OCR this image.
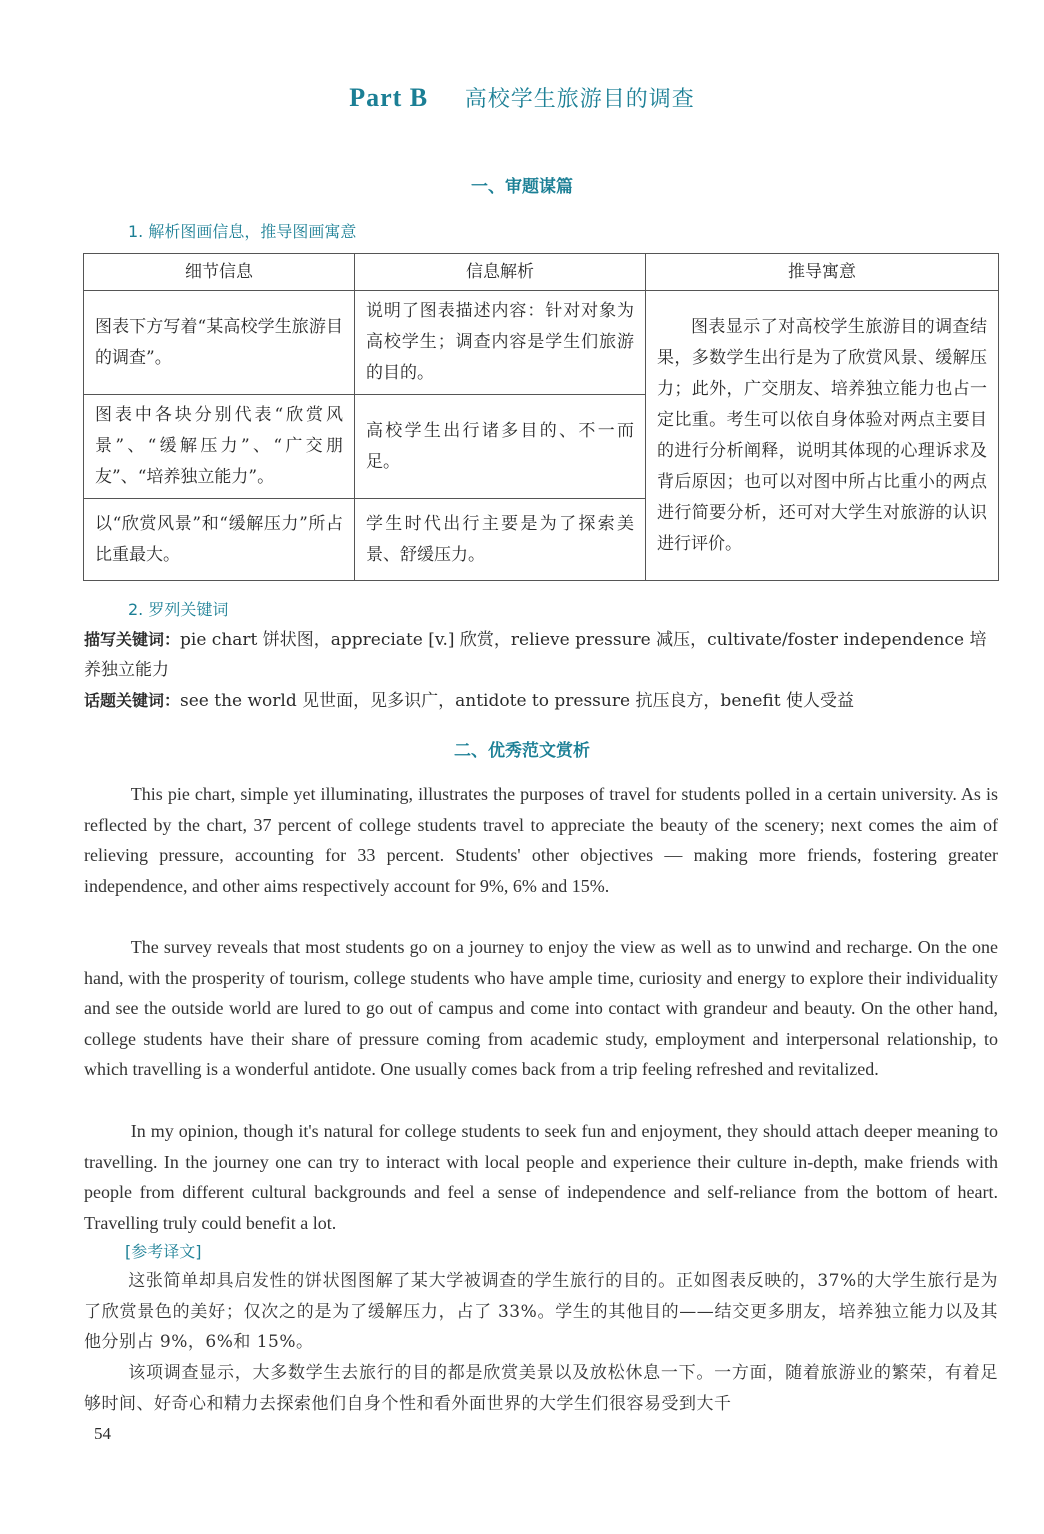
Part B 高校学生旅游目的调查
一、审题谋篇
1. 解析图画信息，推导图画寓意
细节信息	信息解析	推导寓意
图表下方写着“某高校学生旅游目的调查”。	说明了图表描述内容：针对对象为高校学生；调查内容是学生们旅游的目的。	图表显示了对高校学生旅游目的调查结果，多数学生出行是为了欣赏风景、缓解压力；此外，广交朋友、培养独立能力也占一定比重。考生可以依自身体验对两点主要目的进行分析阐释，说明其体现的心理诉求及背后原因；也可以对图中所占比重小的两点进行简要分析，还可对大学生对旅游的认识进行评价。
图表中各块分别代表“欣赏风景”、“缓解压力”、“广交朋友”、“培养独立能力”。	高校学生出行诸多目的、不一而足。	
以“欣赏风景”和“缓解压力”所占比重最大。	学生时代出行主要是为了探索美景、舒缓压力。	
2. 罗列关键词
描写关键词：pie chart 饼状图，appreciate [v.] 欣赏，relieve pressure 减压，cultivate/foster independence 培养独立能力
话题关键词：see the world 见世面，见多识广，antidote to pressure 抗压良方，benefit 使人受益
二、优秀范文赏析
This pie chart, simple yet illuminating, illustrates the purposes of travel for students polled in a certain university. As is reflected by the chart, 37 percent of college students travel to appreciate the beauty of the scenery; next comes the aim of relieving pressure, accounting for 33 percent. Students' other objectives — making more friends, fostering greater independence, and other aims respectively account for 9%, 6% and 15%.
The survey reveals that most students go on a journey to enjoy the view as well as to unwind and recharge. On the one hand, with the prosperity of tourism, college students who have ample time, curiosity and energy to explore their individuality and see the outside world are lured to go out of campus and come into contact with grandeur and beauty. On the other hand, college students have their share of pressure coming from academic study, employment and interpersonal relationship, to which travelling is a wonderful antidote. One usually comes back from a trip feeling refreshed and revitalized.
In my opinion, though it's natural for college students to seek fun and enjoyment, they should attach deeper meaning to travelling. In the journey one can try to interact with local people and experience their culture in-depth, make friends with people from different cultural backgrounds and feel a sense of independence and self-reliance from the bottom of heart. Travelling truly could benefit a lot.
[参考译文]
这张简单却具启发性的饼状图图解了某大学被调查的学生旅行的目的。正如图表反映的，37%的大学生旅行是为了欣赏景色的美好；仅次之的是为了缓解压力，占了 33%。学生的其他目的——结交更多朋友，培养独立能力以及其他分别占 9%，6%和 15%。
该项调查显示，大多数学生去旅行的目的都是欣赏美景以及放松休息一下。一方面，随着旅游业的繁荣，有着足够时间、好奇心和精力去探索他们自身个性和看外面世界的大学生们很容易受到大千
54
